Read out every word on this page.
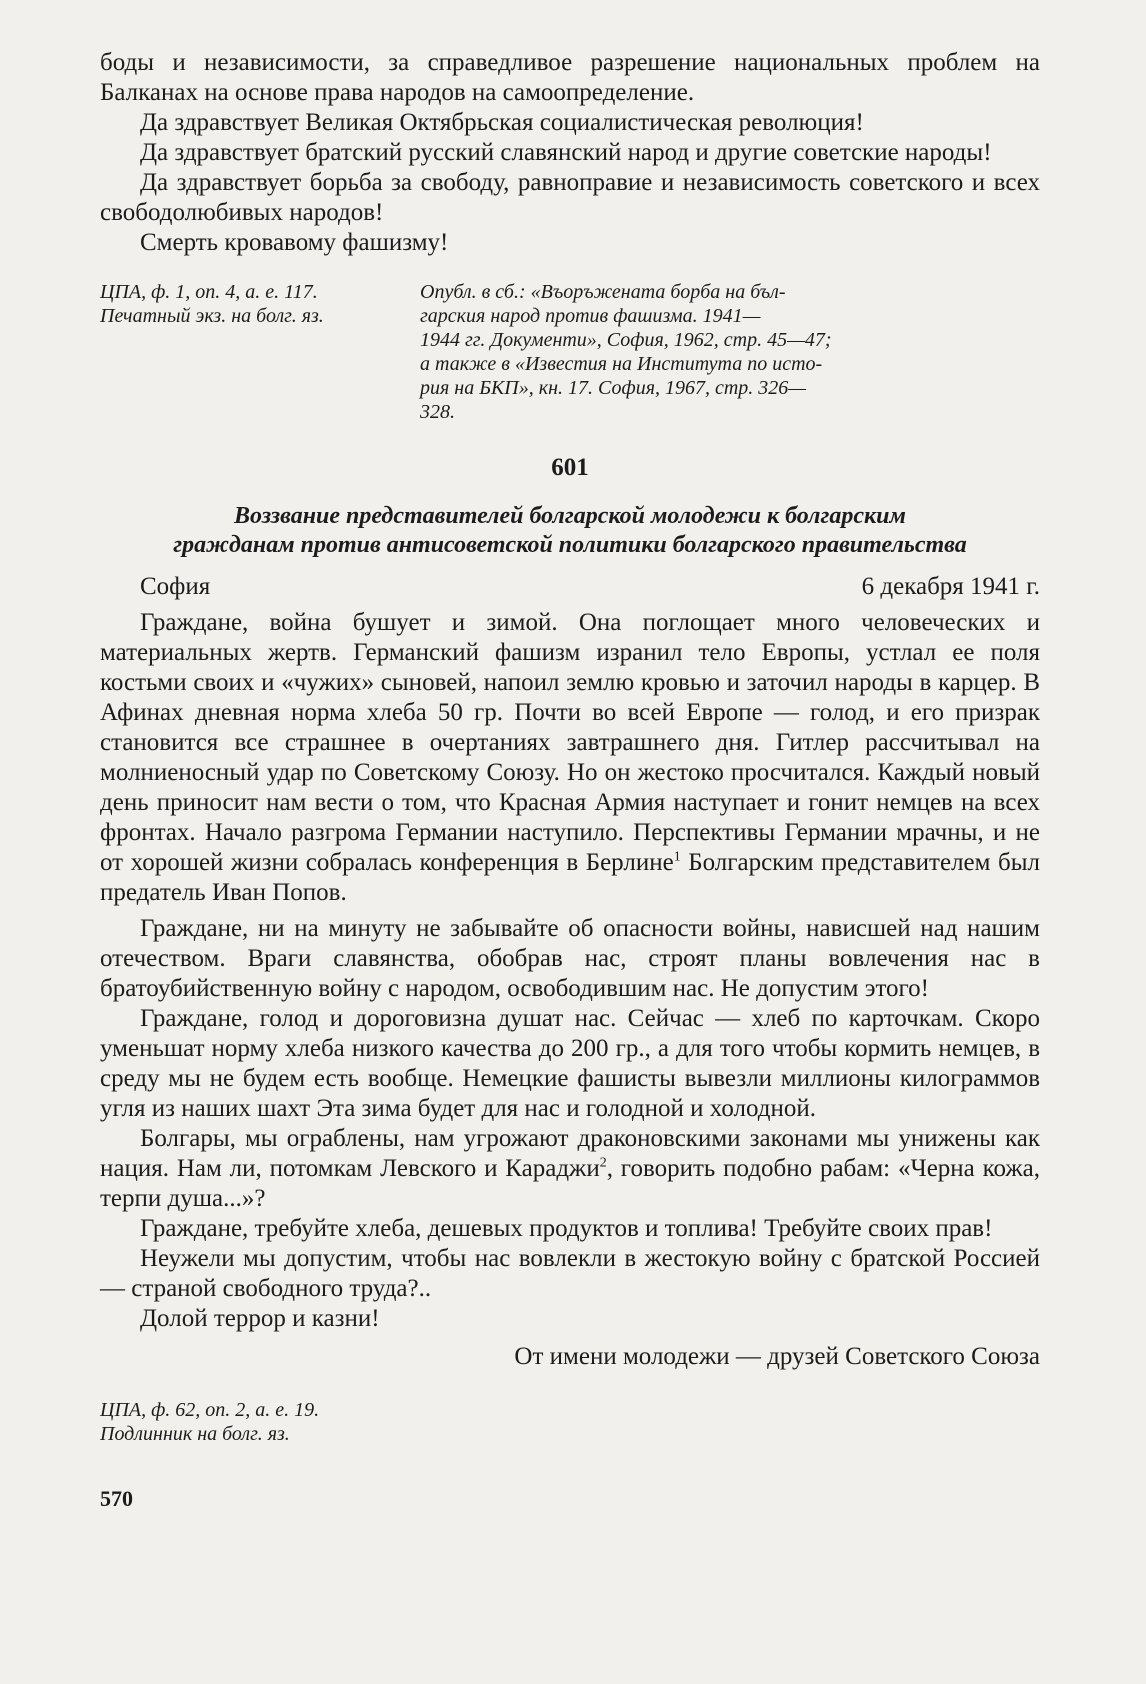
боды и независимости, за справедливое разрешение национальных проблем на Балканах на основе права народов на самоопределение.

Да здравствует Великая Октябрьская социалистическая революция!

Да здравствует братский русский славянский народ и другие советские народы!

Да здравствует борьба за свободу, равноправие и независимость советского и всех свободолюбивых народов!

Смерть кровавому фашизму!

ЦПА, ф. 1, оп. 4, а. е. 117.
Печатный экз. на болг. яз.
Опубл. в сб.: «Въоръжената борба на бъл-
гарския народ против фашизма. 1941—
1944 гг. Документи», София, 1962, стр. 45—47;
а также в «Известия на Института по исто-
рия на БКП», кн. 17. София, 1967, стр. 326—
328.
601
Воззвание представителей болгарской молодежи к болгарским
гражданам против антисоветской политики болгарского правительства
София	6 декабря 1941 г.

Граждане, война бушует и зимой. Она поглощает много человеческих и материальных жертв. Германский фашизм изранил тело Европы, устлал ее поля костьми своих и «чужих» сыновей, напоил землю кровью и заточил народы в карцер. В Афинах дневная норма хлеба 50 гр. Почти во всей Европе — голод, и его призрак становится все страшнее в очертаниях завтрашнего дня. Гитлер рассчитывал на молниеносный удар по Советскому Союзу. Но он жестоко просчитался. Каждый новый день приносит нам вести о том, что Красная Армия наступает и гонит немцев на всех фронтах. Начало разгрома Германии наступило. Перспективы Германии мрачны, и не от хорошей жизни собралась конференция в Берлине$^1$ Болгарским представителем был предатель Иван Попов.

Граждане, ни на минуту не забывайте об опасности войны, нависшей над нашим отечеством. Враги славянства, обобрав нас, строят планы вовлечения нас в братоубийственную войну с народом, освободившим нас. Не допустим этого!

Граждане, голод и дороговизна душат нас. Сейчас — хлеб по карточкам. Скоро уменьшат норму хлеба низкого качества до 200 гр., а для того чтобы кормить немцев, в среду мы не будем есть вообще. Немецкие фашисты вывезли миллионы килограммов угля из наших шахт Эта зима будет для нас и голодной и холодной.

Болгары, мы ограблены, нам угрожают драконовскими законами мы унижены как нация. Нам ли, потомкам Левского и Караджи$^2$, говорить подобно рабам: «Черна кожа, терпи душа...»?

Граждане, требуйте хлеба, дешевых продуктов и топлива! Требуйте своих прав!

Неужели мы допустим, чтобы нас вовлекли в жестокую войну с братской Россией — страной свободного труда?..

Долой террор и казни!

От имени молодежи — друзей Советского Союза
ЦПА, ф. 62, оп. 2, а. е. 19.
Подлинник на болг. яз.
570
